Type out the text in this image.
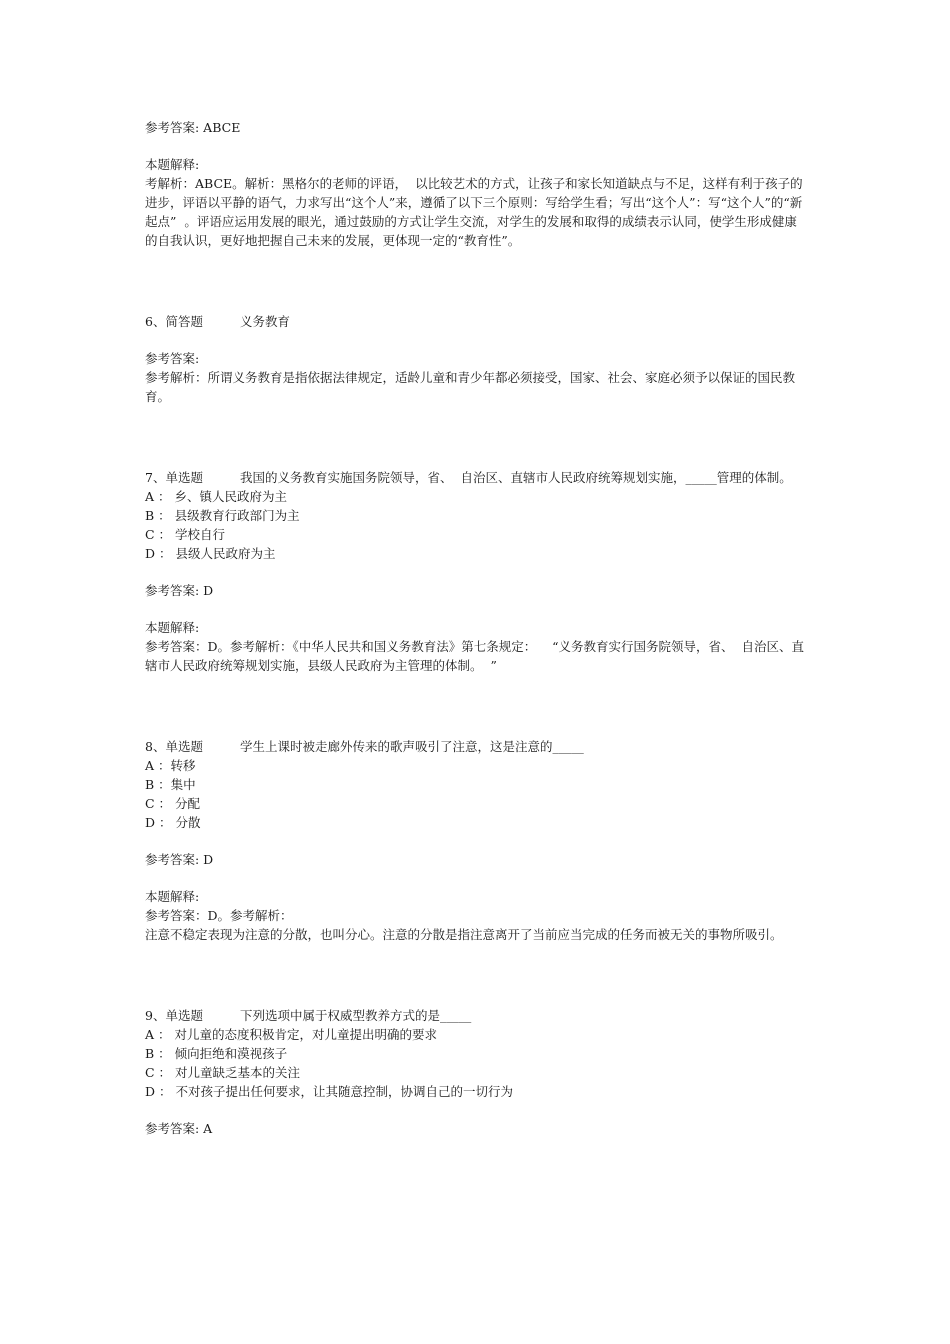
参考答案: ABCE
本题解释:
考解析：ABCE。解析：黑格尔的老师的评语，  以比较艺术的方式，让孩子和家长知道缺点与不足，这样有利于孩子的进步，评语以平静的语气，力求写出“这个人”来，遵循了以下三个原则：写给学生看；写出“这个人”：写“这个人”的“新起点”  。评语应运用发展的眼光，通过鼓励的方式让学生交流，对学生的发展和取得的成绩表示认同，使学生形成健康的自我认识，更好地把握自己未来的发展，更体现一定的“教育性”。
6、简答题	义务教育
参考答案:
参考解析：所谓义务教育是指依据法律规定，适龄儿童和青少年都必须接受，国家、社会、家庭必须予以保证的国民教育。
7、单选题	我国的义务教育实施国务院领导，省、  自治区、直辖市人民政府统筹规划实施，_____管理的体制。
A ： 乡、镇人民政府为主
B ： 县级教育行政部门为主
C ： 学校自行
D ： 县级人民政府为主
参考答案: D
本题解释:
参考答案：D。参考解析：《中华人民共和国义务教育法》第七条规定：    “义务教育实行国务院领导，省、  自治区、直辖市人民政府统筹规划实施，县级人民政府为主管理的体制。  ”
8、单选题	学生上课时被走廊外传来的歌声吸引了注意，这是注意的_____
A ：转移
B ：集中
C ： 分配
D ： 分散
参考答案: D
本题解释:
参考答案：D。参考解析：
注意不稳定表现为注意的分散，也叫分心。注意的分散是指注意离开了当前应当完成的任务而被无关的事物所吸引。
9、单选题	下列选项中属于权威型教养方式的是_____
A ： 对儿童的态度积极肯定，对儿童提出明确的要求
B ： 倾向拒绝和漠视孩子
C ： 对儿童缺乏基本的关注
D ： 不对孩子提出任何要求，让其随意控制，协调自己的一切行为
参考答案: A
